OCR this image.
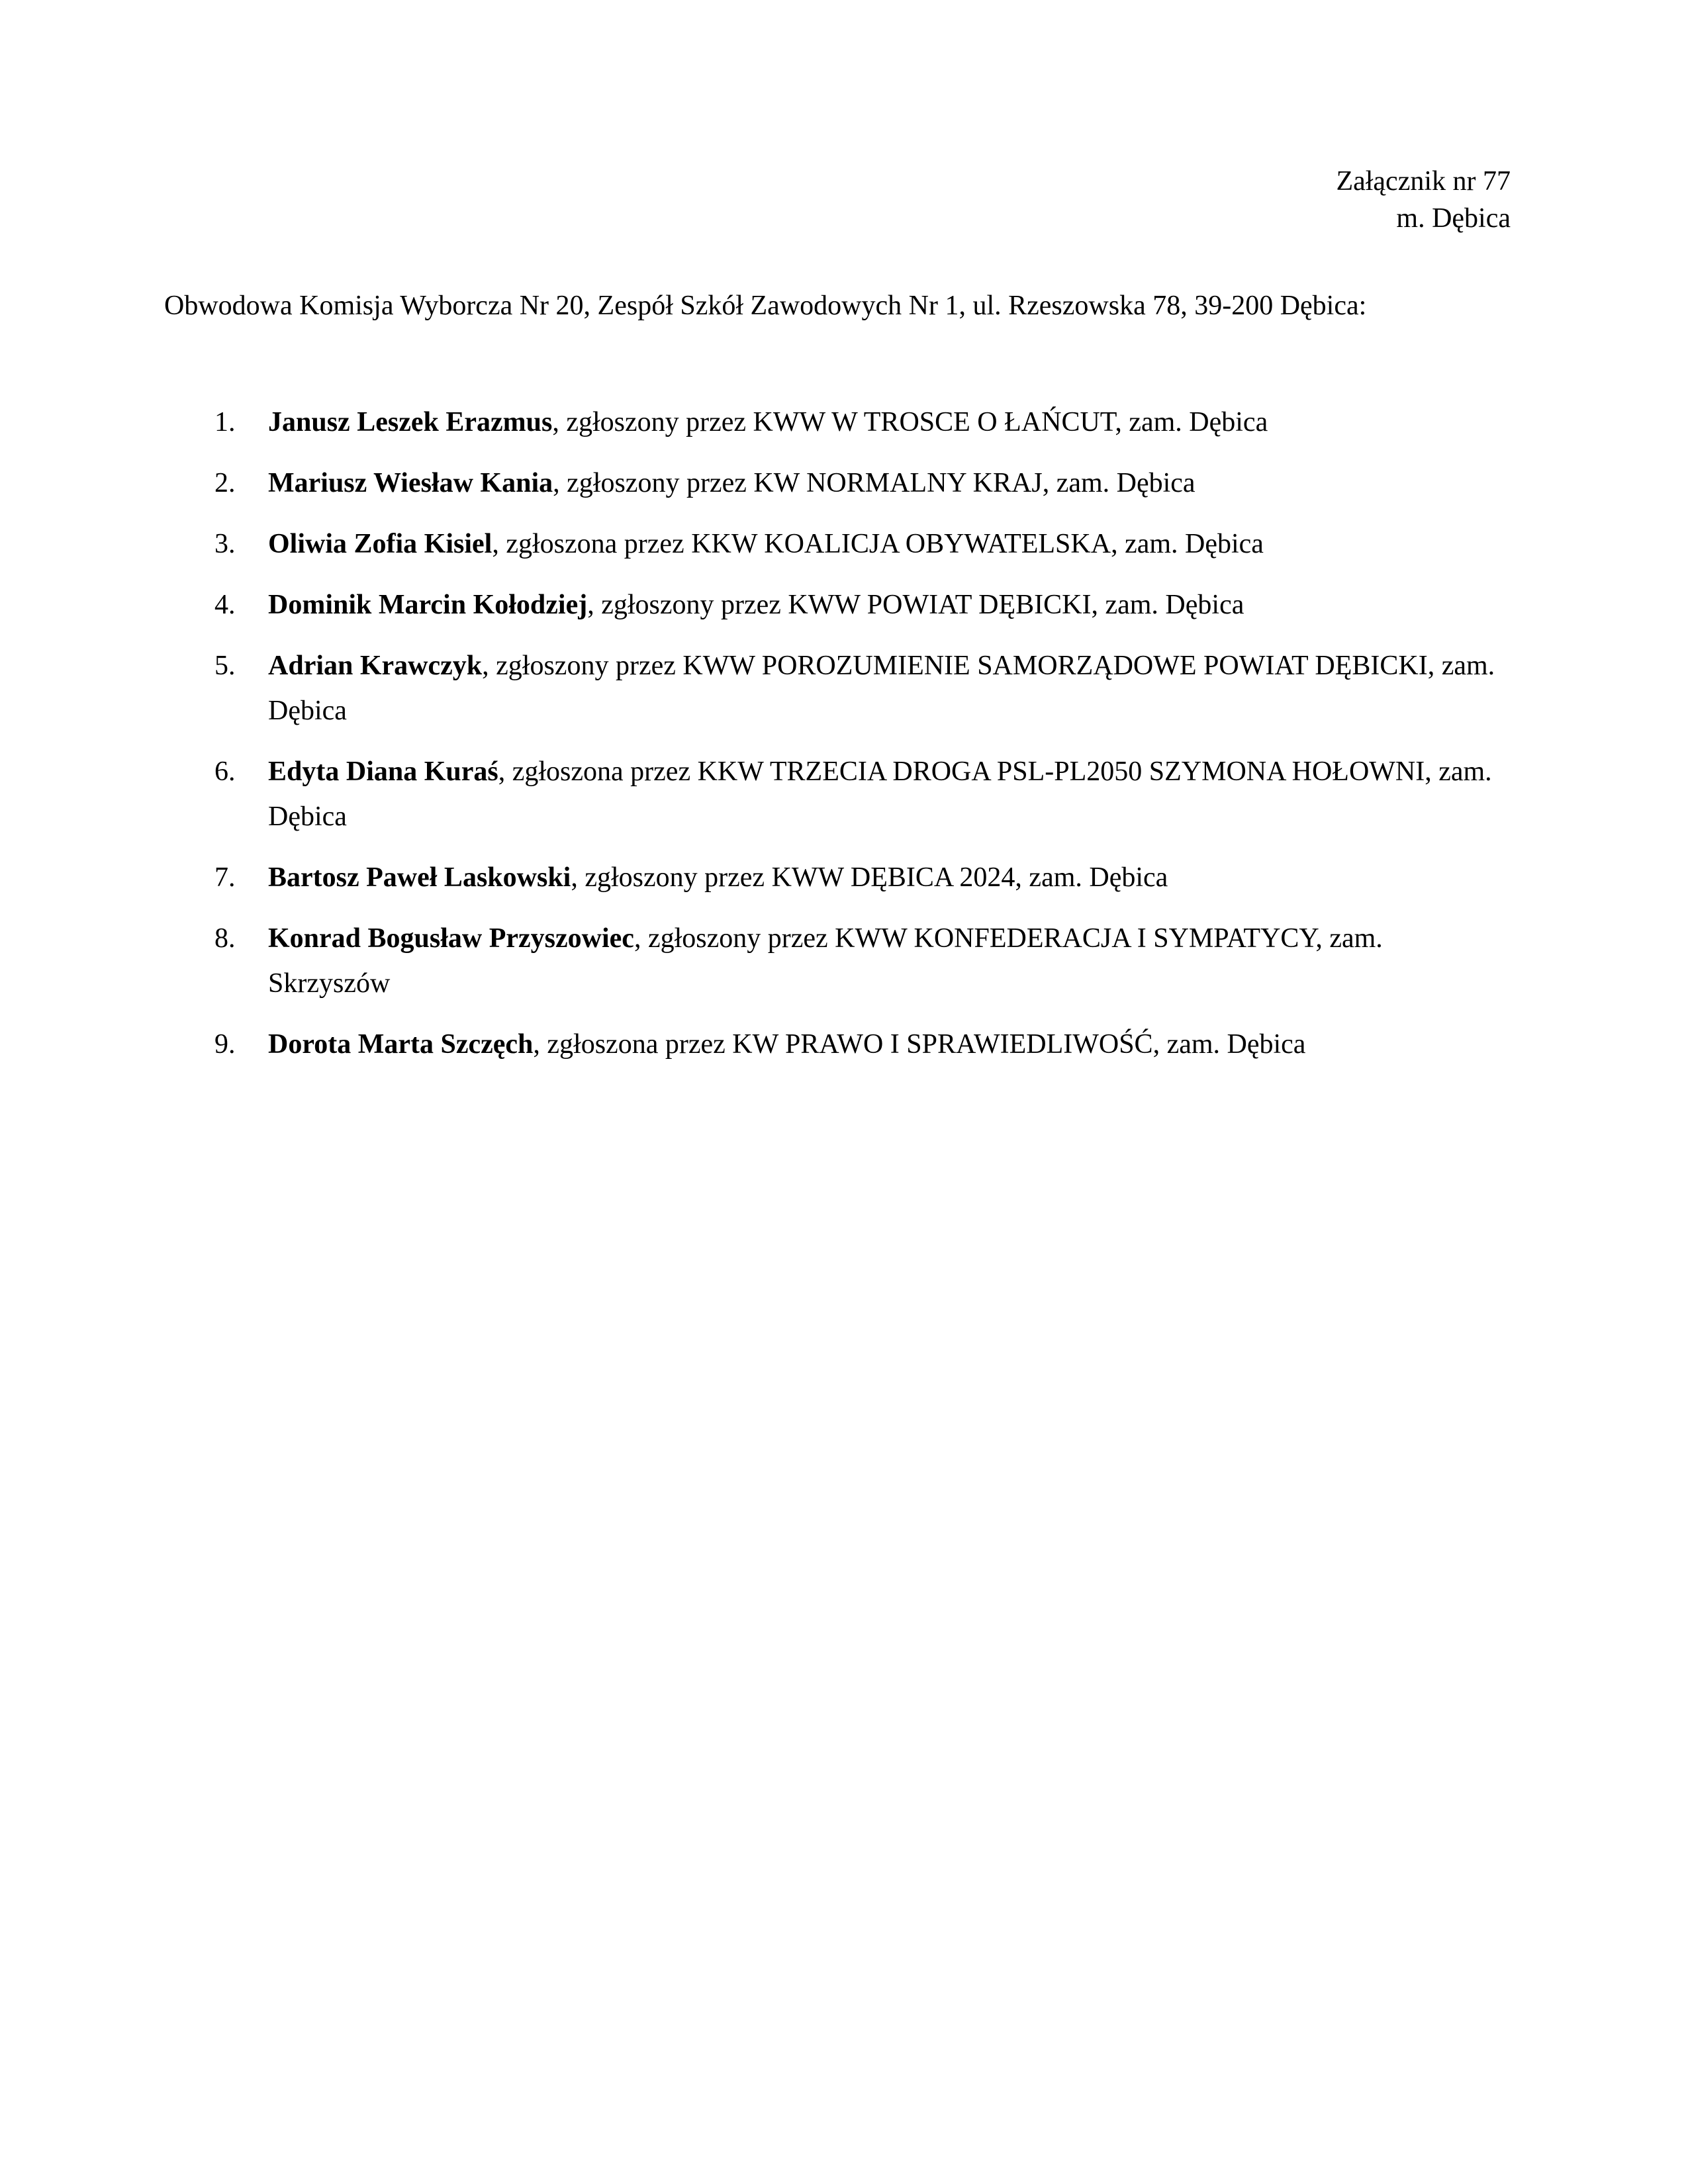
Załącznik nr 77
m. Dębica
Obwodowa Komisja Wyborcza Nr 20, Zespół Szkół Zawodowych Nr 1, ul. Rzeszowska 78, 39-200 Dębica:
1. Janusz Leszek Erazmus, zgłoszony przez KWW W TROSCE O ŁAŃCUT, zam. Dębica
2. Mariusz Wiesław Kania, zgłoszony przez KW NORMALNY KRAJ, zam. Dębica
3. Oliwia Zofia Kisiel, zgłoszona przez KKW KOALICJA OBYWATELSKA, zam. Dębica
4. Dominik Marcin Kołodziej, zgłoszony przez KWW POWIAT DĘBICKI, zam. Dębica
5. Adrian Krawczyk, zgłoszony przez KWW POROZUMIENIE SAMORZĄDOWE POWIAT DĘBICKI, zam. Dębica
6. Edyta Diana Kuraś, zgłoszona przez KKW TRZECIA DROGA PSL-PL2050 SZYMONA HOŁOWNI, zam. Dębica
7. Bartosz Paweł Laskowski, zgłoszony przez KWW DĘBICA 2024, zam. Dębica
8. Konrad Bogusław Przyszowiec, zgłoszony przez KWW KONFEDERACJA I SYMPATYCY, zam. Skrzyszów
9. Dorota Marta Szczęch, zgłoszona przez KW PRAWO I SPRAWIEDLIWOŚĆ, zam. Dębica
